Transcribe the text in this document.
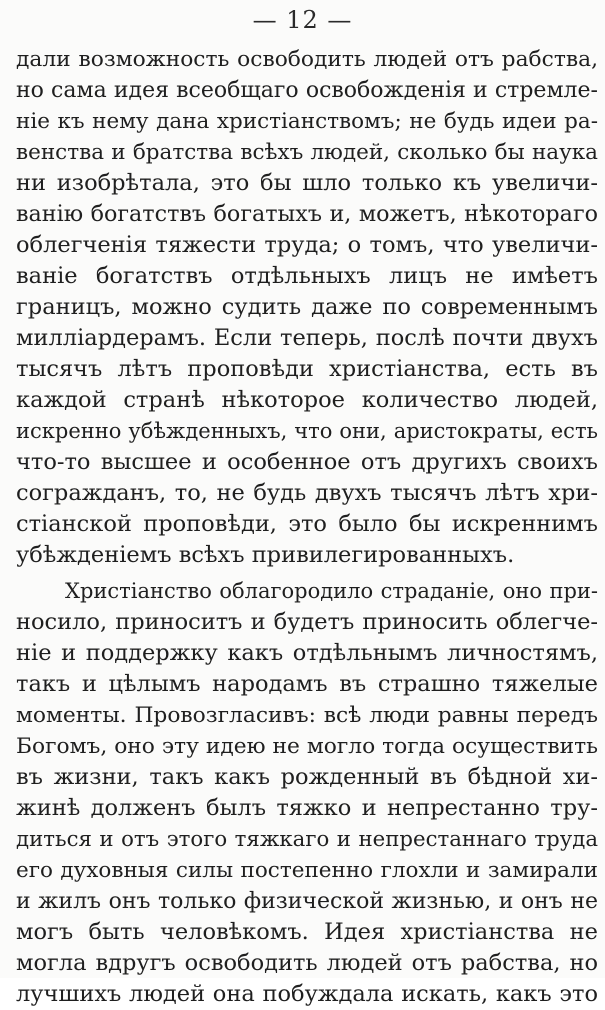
— 12 —
дали возможность освободить людей отъ рабства,
но сама идея всеобщаго освобожденія и стремле-
ніе къ нему дана христіанствомъ; не будь идеи ра-
венства и братства всѣхъ людей, сколько бы наука
ни изобрѣтала, это бы шло только къ увеличи-
ванію богатствъ богатыхъ и, можетъ, нѣкотораго
облегченія тяжести труда; о томъ, что увеличи-
ваніе богатствъ отдѣльныхъ лицъ не имѣетъ
границъ, можно судить даже по современнымъ
милліардерамъ. Если теперь, послѣ почти двухъ
тысячъ лѣтъ проповѣди христіанства, есть въ
каждой странѣ нѣкоторое количество людей,
искренно убѣжденныхъ, что они, аристократы, есть
что-то высшее и особенное отъ другихъ своихъ
согражданъ, то, не будь двухъ тысячъ лѣтъ хри-
стіанской проповѣди, это было бы искреннимъ
убѣжденіемъ всѣхъ привилегированныхъ.
Христіанство облагородило страданіе, оно при-
носило, приноситъ и будетъ приносить облегче-
ніе и поддержку какъ отдѣльнымъ личностямъ,
такъ и цѣлымъ народамъ въ страшно тяжелые
моменты. Провозгласивъ: всѣ люди равны передъ
Богомъ, оно эту идею не могло тогда осуществить
въ жизни, такъ какъ рожденный въ бѣдной хи-
жинѣ долженъ былъ тяжко и непрестанно тру-
диться и отъ этого тяжкаго и непрестаннаго труда
его духовныя силы постепенно глохли и замирали
и жилъ онъ только физической жизнью, и онъ не
могъ быть человѣкомъ. Идея христіанства не
могла вдругъ освободить людей отъ рабства, но
лучшихъ людей она побуждала искать, какъ это
